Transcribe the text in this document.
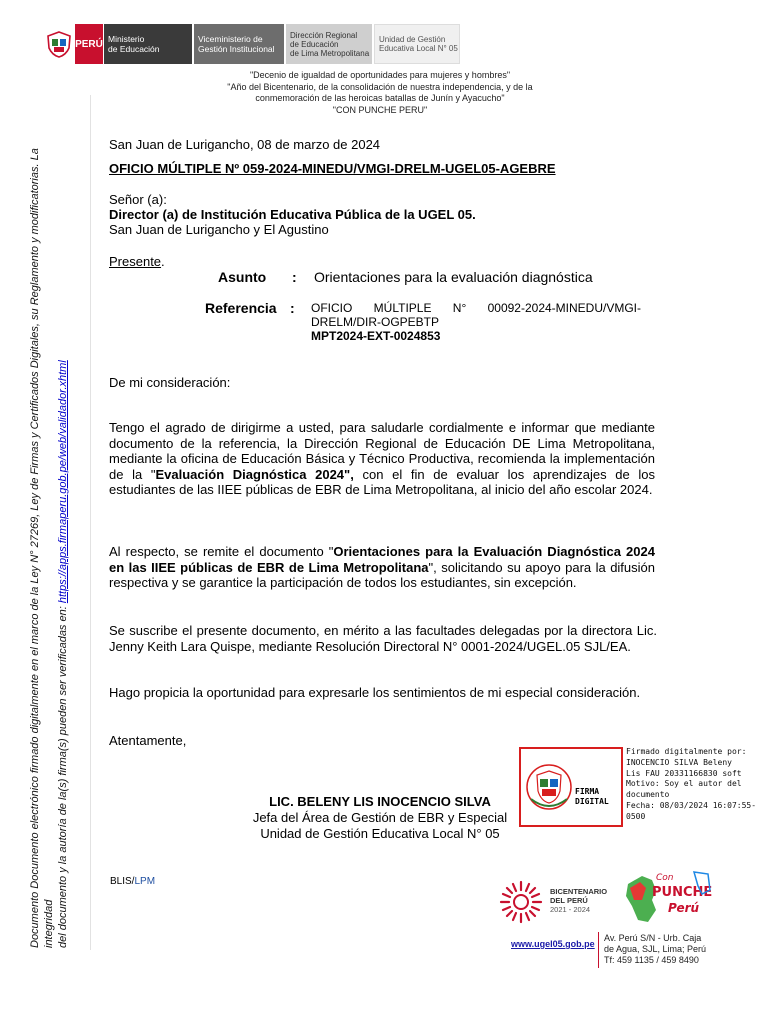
PERÚ Ministerio
de Educación
Viceministerio de
Gestión Institucional
Dirección Regional
de Educación
de Lima Metropolitana
Unidad de Gestión
Educativa Local N° 05
"Decenio de igualdad de oportunidades para mujeres y hombres"
"Año del Bicentenario, de la consolidación de nuestra independencia, y de la
conmemoración de las heroicas batallas de Junín y Ayacucho"
"CON PUNCHE PERU"
Documento Documento electrónico firmado digitalmente en el marco de la Ley N° 27269, Ley de Firmas y Certificados Digitales, su Reglamento y modificatorias. La integridad del documento y la autoría de la(s) firma(s) pueden ser verificadas en: https://apps.firmaperu.gob.pe/web/validador.xhtml
San Juan de Lurigancho, 08 de marzo de 2024
OFICIO MÚLTIPLE Nº 059-2024-MINEDU/VMGI-DRELM-UGEL05-AGEBRE
Señor (a):
Director (a) de Institución Educativa Pública de la UGEL 05.
San Juan de Lurigancho y El Agustino
Presente.
Asunto : Orientaciones para la evaluación diagnóstica
Referencia : OFICIO MÚLTIPLE N° 00092-2024-MINEDU/VMGI-
DRELM/DIR-OGPEBTP
MPT2024-EXT-0024853
De mi consideración:
Tengo el agrado de dirigirme a usted, para saludarle cordialmente e informar que mediante documento de la referencia, la Dirección Regional de Educación DE Lima Metropolitana, mediante la oficina de Educación Básica y Técnico Productiva, recomienda la implementación de la "Evaluación Diagnóstica 2024", con el fin de evaluar los aprendizajes de los estudiantes de las IIEE públicas de EBR de Lima Metropolitana, al inicio del año escolar 2024.
Al respecto, se remite el documento "Orientaciones para la Evaluación Diagnóstica 2024 en las IIEE públicas de EBR de Lima Metropolitana", solicitando su apoyo para la difusión respectiva y se garantice la participación de todos los estudiantes, sin excepción.
Se suscribe el presente documento, en mérito a las facultades delegadas por la directora Lic. Jenny Keith Lara Quispe, mediante Resolución Directoral N° 0001-2024/UGEL.05 SJL/EA.
Hago propicia la oportunidad para expresarle los sentimientos de mi especial consideración.
Atentamente,
FIRMA
DIGITAL
Firmado digitalmente por:
INOCENCIO SILVA Beleny
Lis FAU 20331166830 soft
Motivo: Soy el autor del
documento
Fecha: 08/03/2024 16:07:55-0500
LIC. BELENY LIS INOCENCIO SILVA
Jefa del Área de Gestión de EBR y Especial
Unidad de Gestión Educativa Local N° 05
BLIS/LPM
BICENTENARIO
DEL PERÚ
2021 - 2024
Con
PUNCHE
Perú
www.ugel05.gob.pe
Av. Perú S/N - Urb. Caja
de Agua, SJL, Lima; Perú
Tf: 459 1135 / 459 8490
